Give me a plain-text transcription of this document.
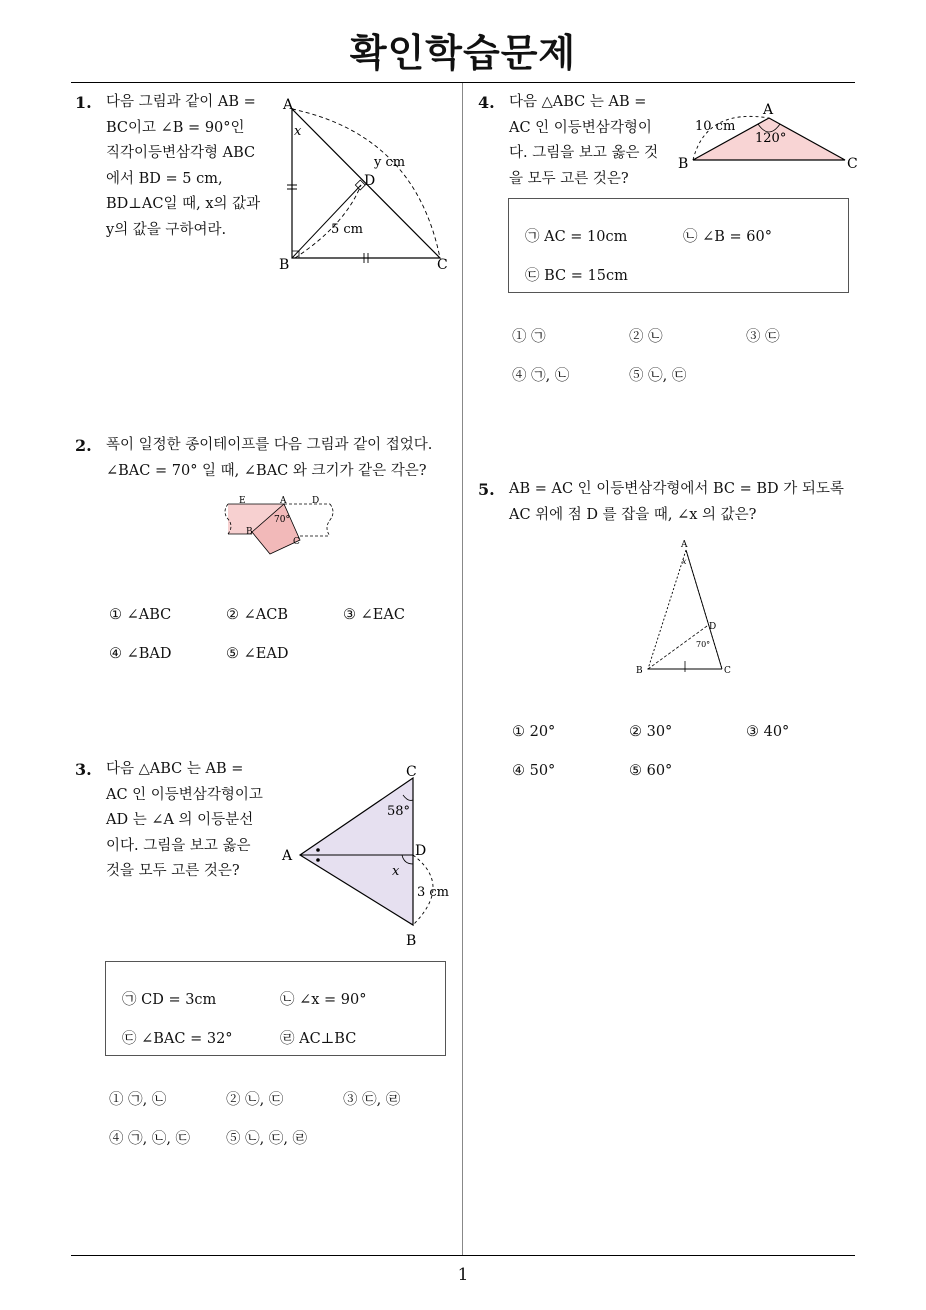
확인학습문제
1
1. 다음 그림과 같이 AB = BC이고 ∠B = 90°인 직각이등변삼각형 ABC에서 BD = 5 cm, BD⊥AC일 때, x의 값과 y의 값을 구하여라.
A
B	C
D
x
y cm
5 cm
2. 폭이 일정한 종이테이프를 다음 그림과 같이 접었다.
∠BAC = 70° 일 때, ∠BAC 와 크기가 같은 각은?
E	A	D
B
C
70°
① ∠ABC	② ∠ACB	③ ∠EAC
④ ∠BAD	⑤ ∠EAD
3. 다음 △ABC 는 AB = AC 인 이등변삼각형이고 AD 는 ∠A 의 이등분선이다. 그림을 보고 옳은 것을 모두 고른 것은?
C
A	D
B
58°
x
3 cm
㉠ CD = 3cm	㉡ ∠x = 90°
㉢ ∠BAC = 32°	㉣ AC⊥BC
① ㉠, ㉡	② ㉡, ㉢	③ ㉢, ㉣
④ ㉠, ㉡, ㉢ ⑤ ㉡, ㉢, ㉣
4. 다음 △ABC 는 AB = AC 인 이등변삼각형이다. 그림을 보고 옳은 것을 모두 고른 것은?
A
B	C
10 cm
120°
㉠ AC = 10cm	㉡ ∠B = 60°
㉢ BC = 15cm
① ㉠	② ㉡	③ ㉢
④ ㉠, ㉡	⑤ ㉡, ㉢
5. AB = AC 인 이등변삼각형에서 BC = BD 가 되도록
AC 위에 점 D 를 잡을 때, ∠x 의 값은?
A
B	C
D
70°
x
① 20°	② 30°	③ 40°
④ 50°	⑤ 60°
